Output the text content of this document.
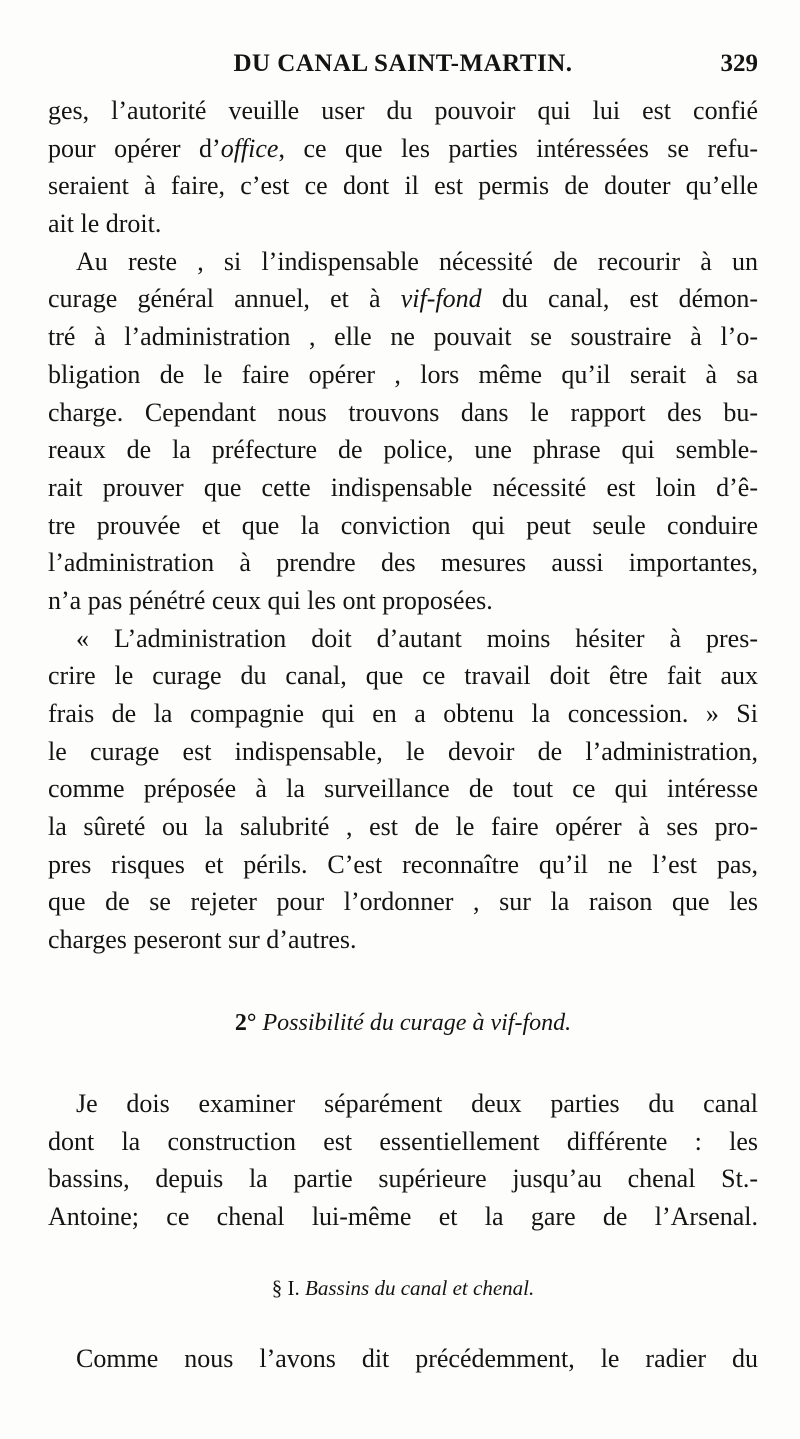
DU CANAL SAINT-MARTIN.	329
ges, l’autorité veuille user du pouvoir qui lui est confié
pour opérer d’office, ce que les parties intéressées se refu-
seraient à faire, c’est ce dont il est permis de douter qu’elle
ait le droit.
Au reste , si l’indispensable nécessité de recourir à un
curage général annuel, et à vif-fond du canal, est démon-
tré à l’administration , elle ne pouvait se soustraire à l’o-
bligation de le faire opérer , lors même qu’il serait à sa
charge. Cependant nous trouvons dans le rapport des bu-
reaux de la préfecture de police, une phrase qui semble-
rait prouver que cette indispensable nécessité est loin d’ê-
tre prouvée et que la conviction qui peut seule conduire
l’administration à prendre des mesures aussi importantes,
n’a pas pénétré ceux qui les ont proposées.
« L’administration doit d’autant moins hésiter à pres-
crire le curage du canal, que ce travail doit être fait aux
frais de la compagnie qui en a obtenu la concession. » Si
le curage est indispensable, le devoir de l’administration,
comme préposée à la surveillance de tout ce qui intéresse
la sûreté ou la salubrité , est de le faire opérer à ses pro-
pres risques et périls. C’est reconnaître qu’il ne l’est pas,
que de se rejeter pour l’ordonner , sur la raison que les
charges peseront sur d’autres.
2° Possibilité du curage à vif-fond.
Je dois examiner séparément deux parties du canal
dont la construction est essentiellement différente : les
bassins, depuis la partie supérieure jusqu’au chenal St.-
Antoine; ce chenal lui-même et la gare de l’Arsenal.
§ I. Bassins du canal et chenal.
Comme nous l’avons dit précédemment, le radier du
